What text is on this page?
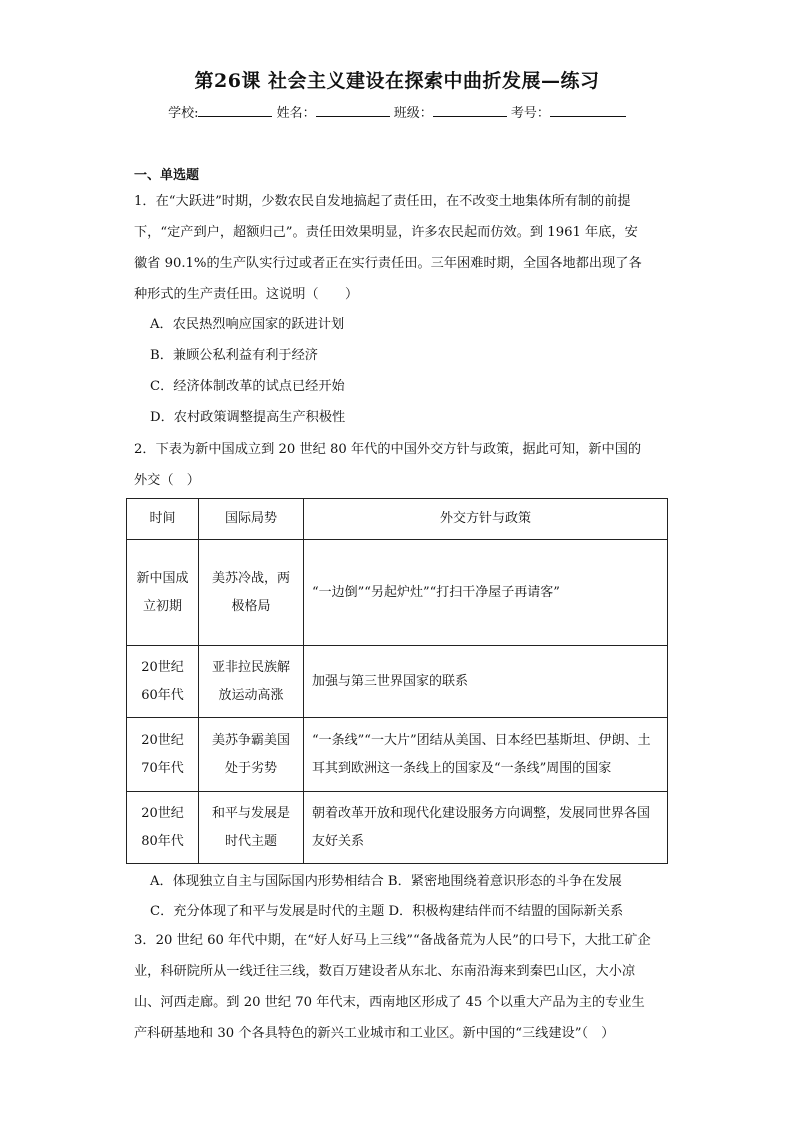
第26课 社会主义建设在探索中曲折发展—练习
学校:	姓名：	班级：	考号：
一、单选题
1．在“大跃进”时期，少数农民自发地搞起了责任田，在不改变土地集体所有制的前提
下，“定产到户，超额归己”。责任田效果明显，许多农民起而仿效。到 1961 年底，安
徽省 90.1%的生产队实行过或者正在实行责任田。三年困难时期，全国各地都出现了各
种形式的生产责任田。这说明（　　）
A．农民热烈响应国家的跃进计划
B．兼顾公私利益有利于经济
C．经济体制改革的试点已经开始
D．农村政策调整提高生产积极性
2．下表为新中国成立到 20 世纪 80 年代的中国外交方针与政策，据此可知，新中国的
外交（　）
时间	国际局势	外交方针与政策
新中国成立初期	美苏冷战，两极格局	“一边倒”“另起炉灶”“打扫干净屋子再请客”
20世纪60年代	亚非拉民族解放运动高涨	加强与第三世界国家的联系
20世纪70年代	美苏争霸美国处于劣势	“一条线”“一大片”团结从美国、日本经巴基斯坦、伊朗、土耳其到欧洲这一条线上的国家及“一条线”周围的国家
20世纪80年代	和平与发展是时代主题	朝着改革开放和现代化建设服务方向调整，发展同世界各国友好关系
A．体现独立自主与国际国内形势相结合 B．紧密地围绕着意识形态的斗争在发展
C．充分体现了和平与发展是时代的主题 D．积极构建结伴而不结盟的国际新关系
3．20 世纪 60 年代中期，在“好人好马上三线”“备战备荒为人民”的口号下，大批工矿企
业，科研院所从一线迁往三线，数百万建设者从东北、东南沿海来到秦巴山区，大小凉
山、河西走廊。到 20 世纪 70 年代末，西南地区形成了 45 个以重大产品为主的专业生
产科研基地和 30 个各具特色的新兴工业城市和工业区。新中国的“三线建设”（　）
